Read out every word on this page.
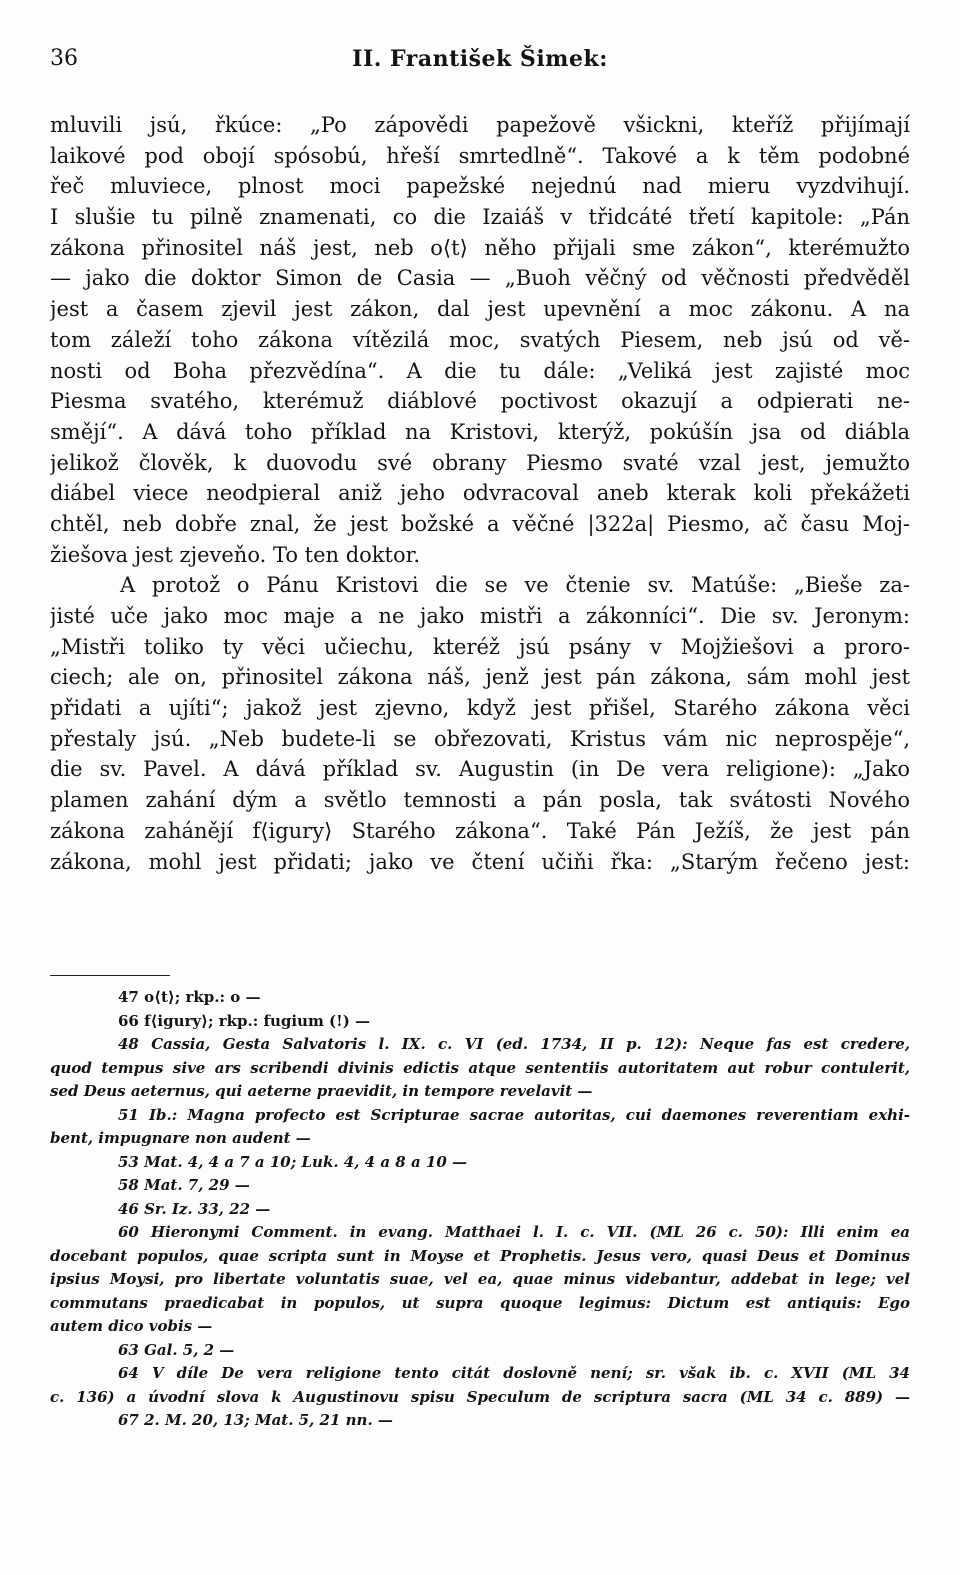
36	II. František Šimek:
mluvili jsú, řkúce: „Po zápovědi papežově všickni, kteříž přijímají
laikové pod obojí spósobú, hřeší smrtedlně“. Takové a k těm podobné
řeč mluviece, plnost moci papežské nejednú nad mieru vyzdvihují.
I slušie tu pilně znamenati, co die Izaiáš v třidcáté třetí kapitole: „Pán
zákona přinositel náš jest, neb o⟨t⟩ něho přijali sme zákon“, kterémužto
— jako die doktor Simon de Casia — „Buoh věčný od věčnosti předvěděl
jest a časem zjevil jest zákon, dal jest upevnění a moc zákonu. A na
tom záleží toho zákona vítězilá moc, svatých Piesem, neb jsú od vě-
nosti od Boha přezvědína“. A die tu dále: „Veliká jest zajisté moc
Piesma svatého, kterémuž diáblové poctivost okazují a odpierati ne-
smějí“. A dává toho příklad na Kristovi, kterýž, pokúšín jsa od diábla
jelikož člověk, k duovodu své obrany Piesmo svaté vzal jest, jemužto
diábel viece neodpieral aniž jeho odvracoval aneb kterak koli překážeti
chtěl, neb dobře znal, že jest božské a věčné |322a| Piesmo, ač času Moj-
žiešova jest zjeveňo. To ten doktor.
A protož o Pánu Kristovi die se ve čtenie sv. Matúše: „Bieše za-
jisté uče jako moc maje a ne jako mistři a zákonníci“. Die sv. Jeronym:
„Mistři toliko ty věci učiechu, kteréž jsú psány v Mojžiešovi a proro-
ciech; ale on, přinositel zákona náš, jenž jest pán zákona, sám mohl jest
přidati a ujíti“; jakož jest zjevno, když jest přišel, Starého zákona věci
přestaly jsú. „Neb budete-li se obřezovati, Kristus vám nic neprospěje“,
die sv. Pavel. A dává příklad sv. Augustin (in De vera religione): „Jako
plamen zahání dým a světlo temnosti a pán posla, tak svátosti Nového
zákona zahánějí f⟨igury⟩ Starého zákona“. Také Pán Ježíš, že jest pán
zákona, mohl jest přidati; jako ve čtení učiňi řka: „Starým řečeno jest:
47 o⟨t⟩; rkp.: o —
66 f⟨igury⟩; rkp.: fugium (!) —
48 Cassia, Gesta Salvatoris l. IX. c. VI (ed. 1734, II p. 12): Neque fas est credere,
quod tempus sive ars scribendi divinis edictis atque sententiis autoritatem aut robur contulerit,
sed Deus aeternus, qui aeterne praevidit, in tempore revelavit —
51 Ib.: Magna profecto est Scripturae sacrae autoritas, cui daemones reverentiam exhi-
bent, impugnare non audent —
53 Mat. 4, 4 a 7 a 10; Luk. 4, 4 a 8 a 10 —
58 Mat. 7, 29 —
46 Sr. Iz. 33, 22 —
60 Hieronymi Comment. in evang. Matthaei l. I. c. VII. (ML 26 c. 50): Illi enim ea
docebant populos, quae scripta sunt in Moyse et Prophetis. Jesus vero, quasi Deus et Dominus
ipsius Moysi, pro libertate voluntatis suae, vel ea, quae minus videbantur, addebat in lege; vel
commutans praedicabat in populos, ut supra quoque legimus: Dictum est antiquis: Ego
autem dico vobis —
63 Gal. 5, 2 —
64 V díle De vera religione tento citát doslovně není; sr. však ib. c. XVII (ML 34
c. 136) a úvodní slova k Augustinovu spisu Speculum de scriptura sacra (ML 34 c. 889) —
67 2. M. 20, 13; Mat. 5, 21 nn. —
